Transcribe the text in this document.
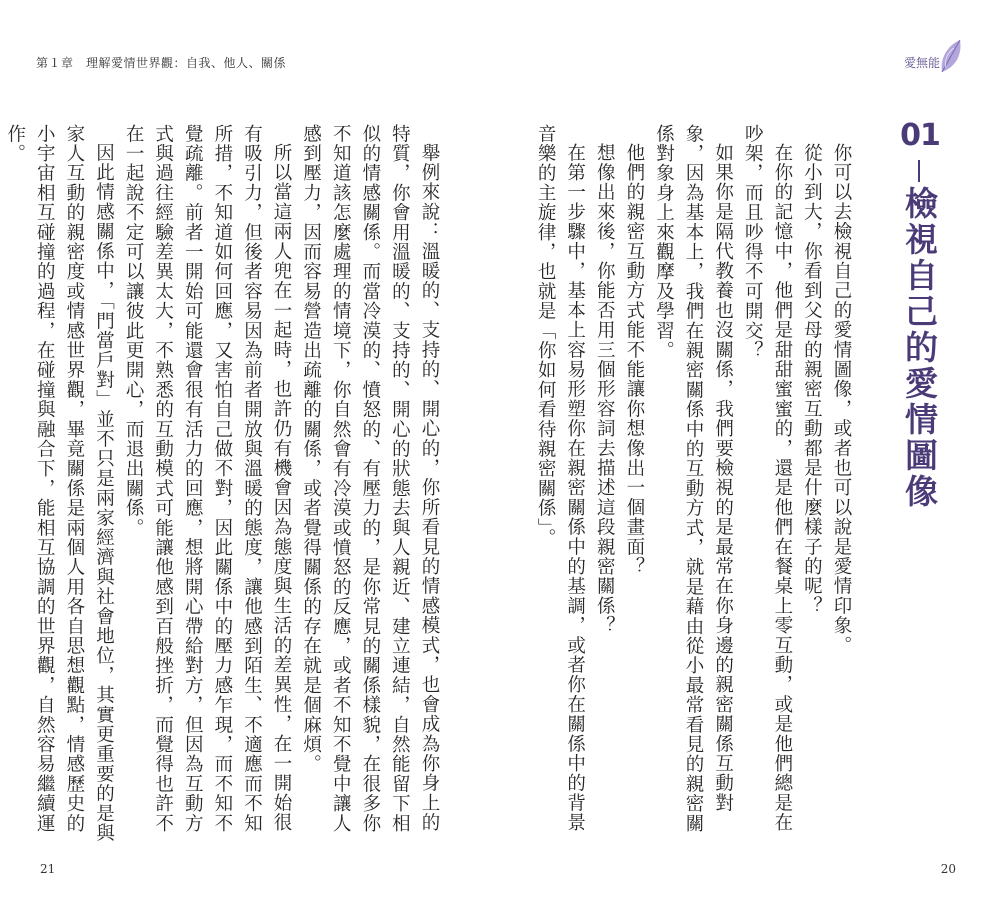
第１章　理解愛情世界觀：自我、他人、關係	愛無能
01
檢視自己的愛情圖像

你可以去檢視自己的愛情圖像，或者也可以說是愛情印象。

從小到大，你看到父母的親密互動都是什麼樣子的呢？

在你的記憶中，他們是甜甜蜜蜜的，還是他們在餐桌上零互動，或是他們總是在吵架，而且吵得不可開交？

如果你是隔代教養也沒關係，我們要檢視的是最常在你身邊的親密關係互動對象，因為基本上，我們在親密關係中的互動方式，就是藉由從小最常看見的親密關係對象身上來觀摩及學習。

他們的親密互動方式能不能讓你想像出一個畫面？

想像出來後，你能否用三個形容詞去描述這段親密關係？

在第一步驟中，基本上容易形塑你在親密關係中的基調，或者你在關係中的背景音樂的主旋律，也就是「你如何看待親密關係」。

舉例來說：溫暖的、支持的、開心的，你所看見的情感模式，也會成為你身上的特質，你會用溫暖的、支持的、開心的狀態去與人親近、建立連結，自然能留下相似的情感關係。而當冷漠的、憤怒的、有壓力的，是你常見的關係樣貌，在很多你不知道該怎麼處理的情境下，你自然會有冷漠或憤怒的反應，或者不知不覺中讓人感到壓力，因而容易營造出疏離的關係，或者覺得關係的存在就是個麻煩。

所以當這兩人兜在一起時，也許仍有機會因為態度與生活的差異性，在一開始很有吸引力，但後者容易因為前者開放與溫暖的態度，讓他感到陌生、不適應而不知所措，不知道如何回應，又害怕自己做不對，因此關係中的壓力感乍現，而不知不覺疏離。前者一開始可能還會很有活力的回應，想將開心帶給對方，但因為互動方式與過往經驗差異太大，不熟悉的互動模式可能讓他感到百般挫折，而覺得也許不在一起說不定可以讓彼此更開心，而退出關係。

因此情感關係中，「門當戶對」並不只是兩家經濟與社會地位，其實更重要的是與家人互動的親密度或情感世界觀，畢竟關係是兩個人用各自思想觀點，情感歷史的小宇宙相互碰撞的過程，在碰撞與融合下，能相互協調的世界觀，自然容易繼續運作。

21	20
